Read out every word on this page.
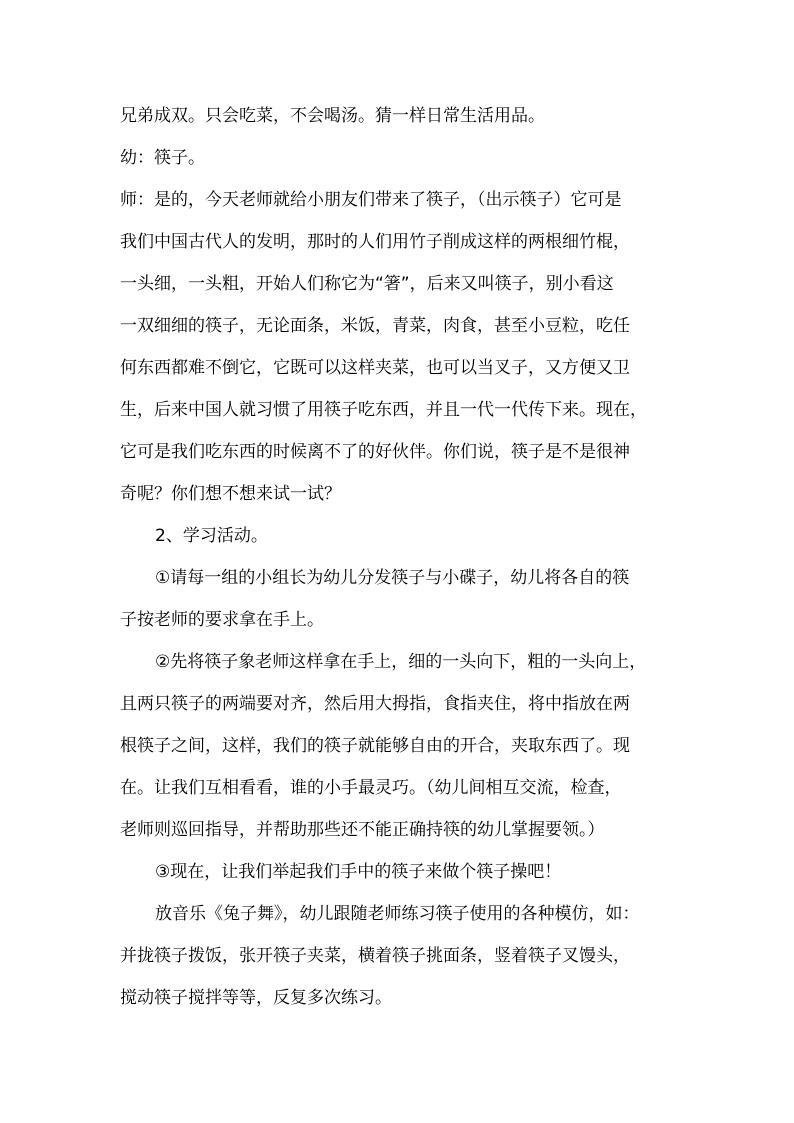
兄弟成双。只会吃菜，不会喝汤。猜一样日常生活用品。
幼：筷子。
师：是的，今天老师就给小朋友们带来了筷子，（出示筷子）它可是
我们中国古代人的发明，那时的人们用竹子削成这样的两根细竹棍，
一头细，一头粗，开始人们称它为“箸”，后来又叫筷子，别小看这
一双细细的筷子，无论面条，米饭，青菜，肉食，甚至小豆粒，吃任
何东西都难不倒它，它既可以这样夹菜，也可以当叉子，又方便又卫
生，后来中国人就习惯了用筷子吃东西，并且一代一代传下来。现在，
它可是我们吃东西的时候离不了的好伙伴。你们说，筷子是不是很神
奇呢？你们想不想来试一试？
2、学习活动。
①请每一组的小组长为幼儿分发筷子与小碟子，幼儿将各自的筷
子按老师的要求拿在手上。
②先将筷子象老师这样拿在手上，细的一头向下，粗的一头向上，
且两只筷子的两端要对齐，然后用大拇指，食指夹住，将中指放在两
根筷子之间，这样，我们的筷子就能够自由的开合，夹取东西了。现
在。让我们互相看看，谁的小手最灵巧。（幼儿间相互交流，检查，
老师则巡回指导，并帮助那些还不能正确持筷的幼儿掌握要领。）
③现在，让我们举起我们手中的筷子来做个筷子操吧！
放音乐《兔子舞》，幼儿跟随老师练习筷子使用的各种模仿，如：
并拢筷子拨饭，张开筷子夹菜，横着筷子挑面条，竖着筷子叉馒头，
搅动筷子搅拌等等，反复多次练习。
